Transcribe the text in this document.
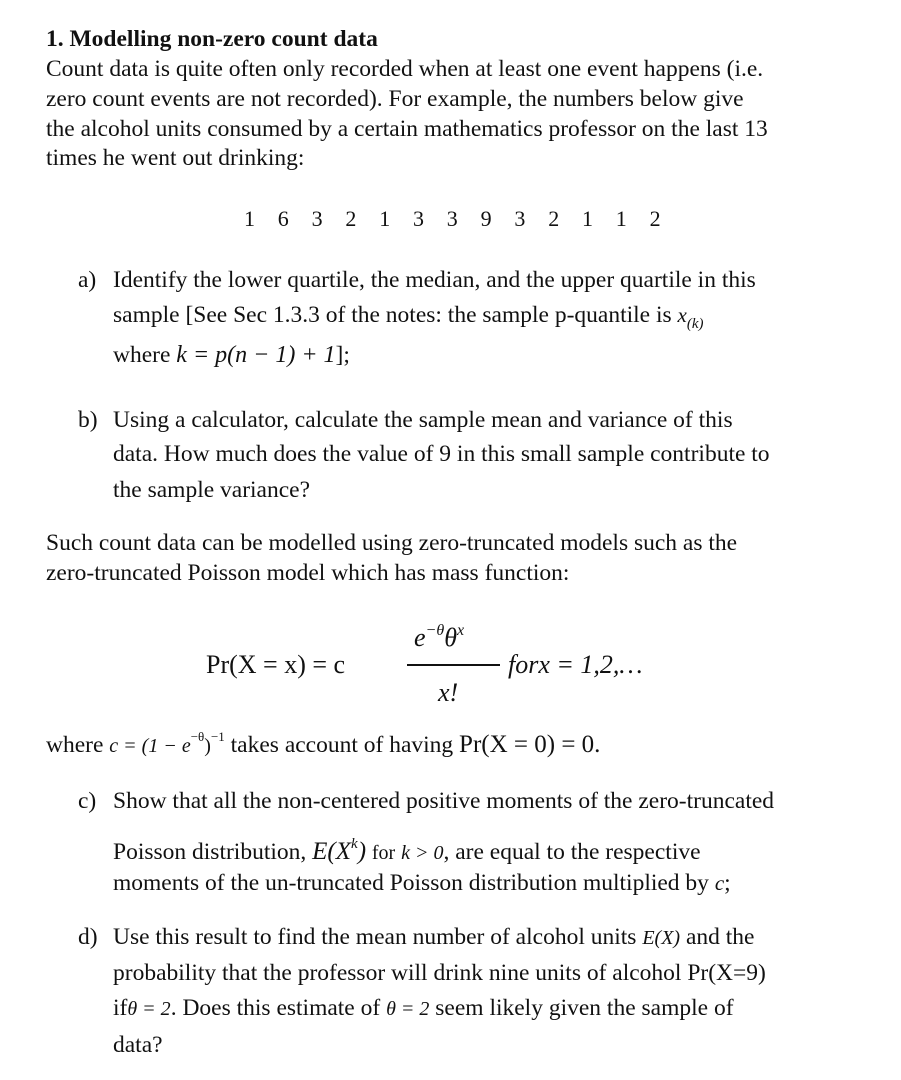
1. Modelling non-zero count data
Count data is quite often only recorded when at least one event happens (i.e.
zero count events are not recorded). For example, the numbers below give
the alcohol units consumed by a certain mathematics professor on the last 13
times he went out drinking:
1 6 3 2 1 3 3 9 3 2 1 1 2
a) Identify the lower quartile, the median, and the upper quartile in this
sample [See Sec 1.3.3 of the notes: the sample p-quantile is $x_{(k)}$
where k = p(n − 1) + 1];
b) Using a calculator, calculate the sample mean and variance of this
data. How much does the value of 9 in this small sample contribute to
the sample variance?
Such count data can be modelled using zero-truncated models such as the
zero-truncated Poisson model which has mass function:
Pr(X = x) = c
$e^{-\theta}\theta^x$
x!
forx = 1,2,…
where $c = (1 - e^{-\theta})^{-1}$ takes account of having Pr(X = 0) = 0.
c) Show that all the non-centered positive moments of the zero-truncated
Poisson distribution, $E(X^k)$ for k > 0, are equal to the respective
moments of the un-truncated Poisson distribution multiplied by c;
d) Use this result to find the mean number of alcohol units E(X) and the
probability that the professor will drink nine units of alcohol Pr(X=9)
ifθ = 2. Does this estimate of θ = 2 seem likely given the sample of
data?
